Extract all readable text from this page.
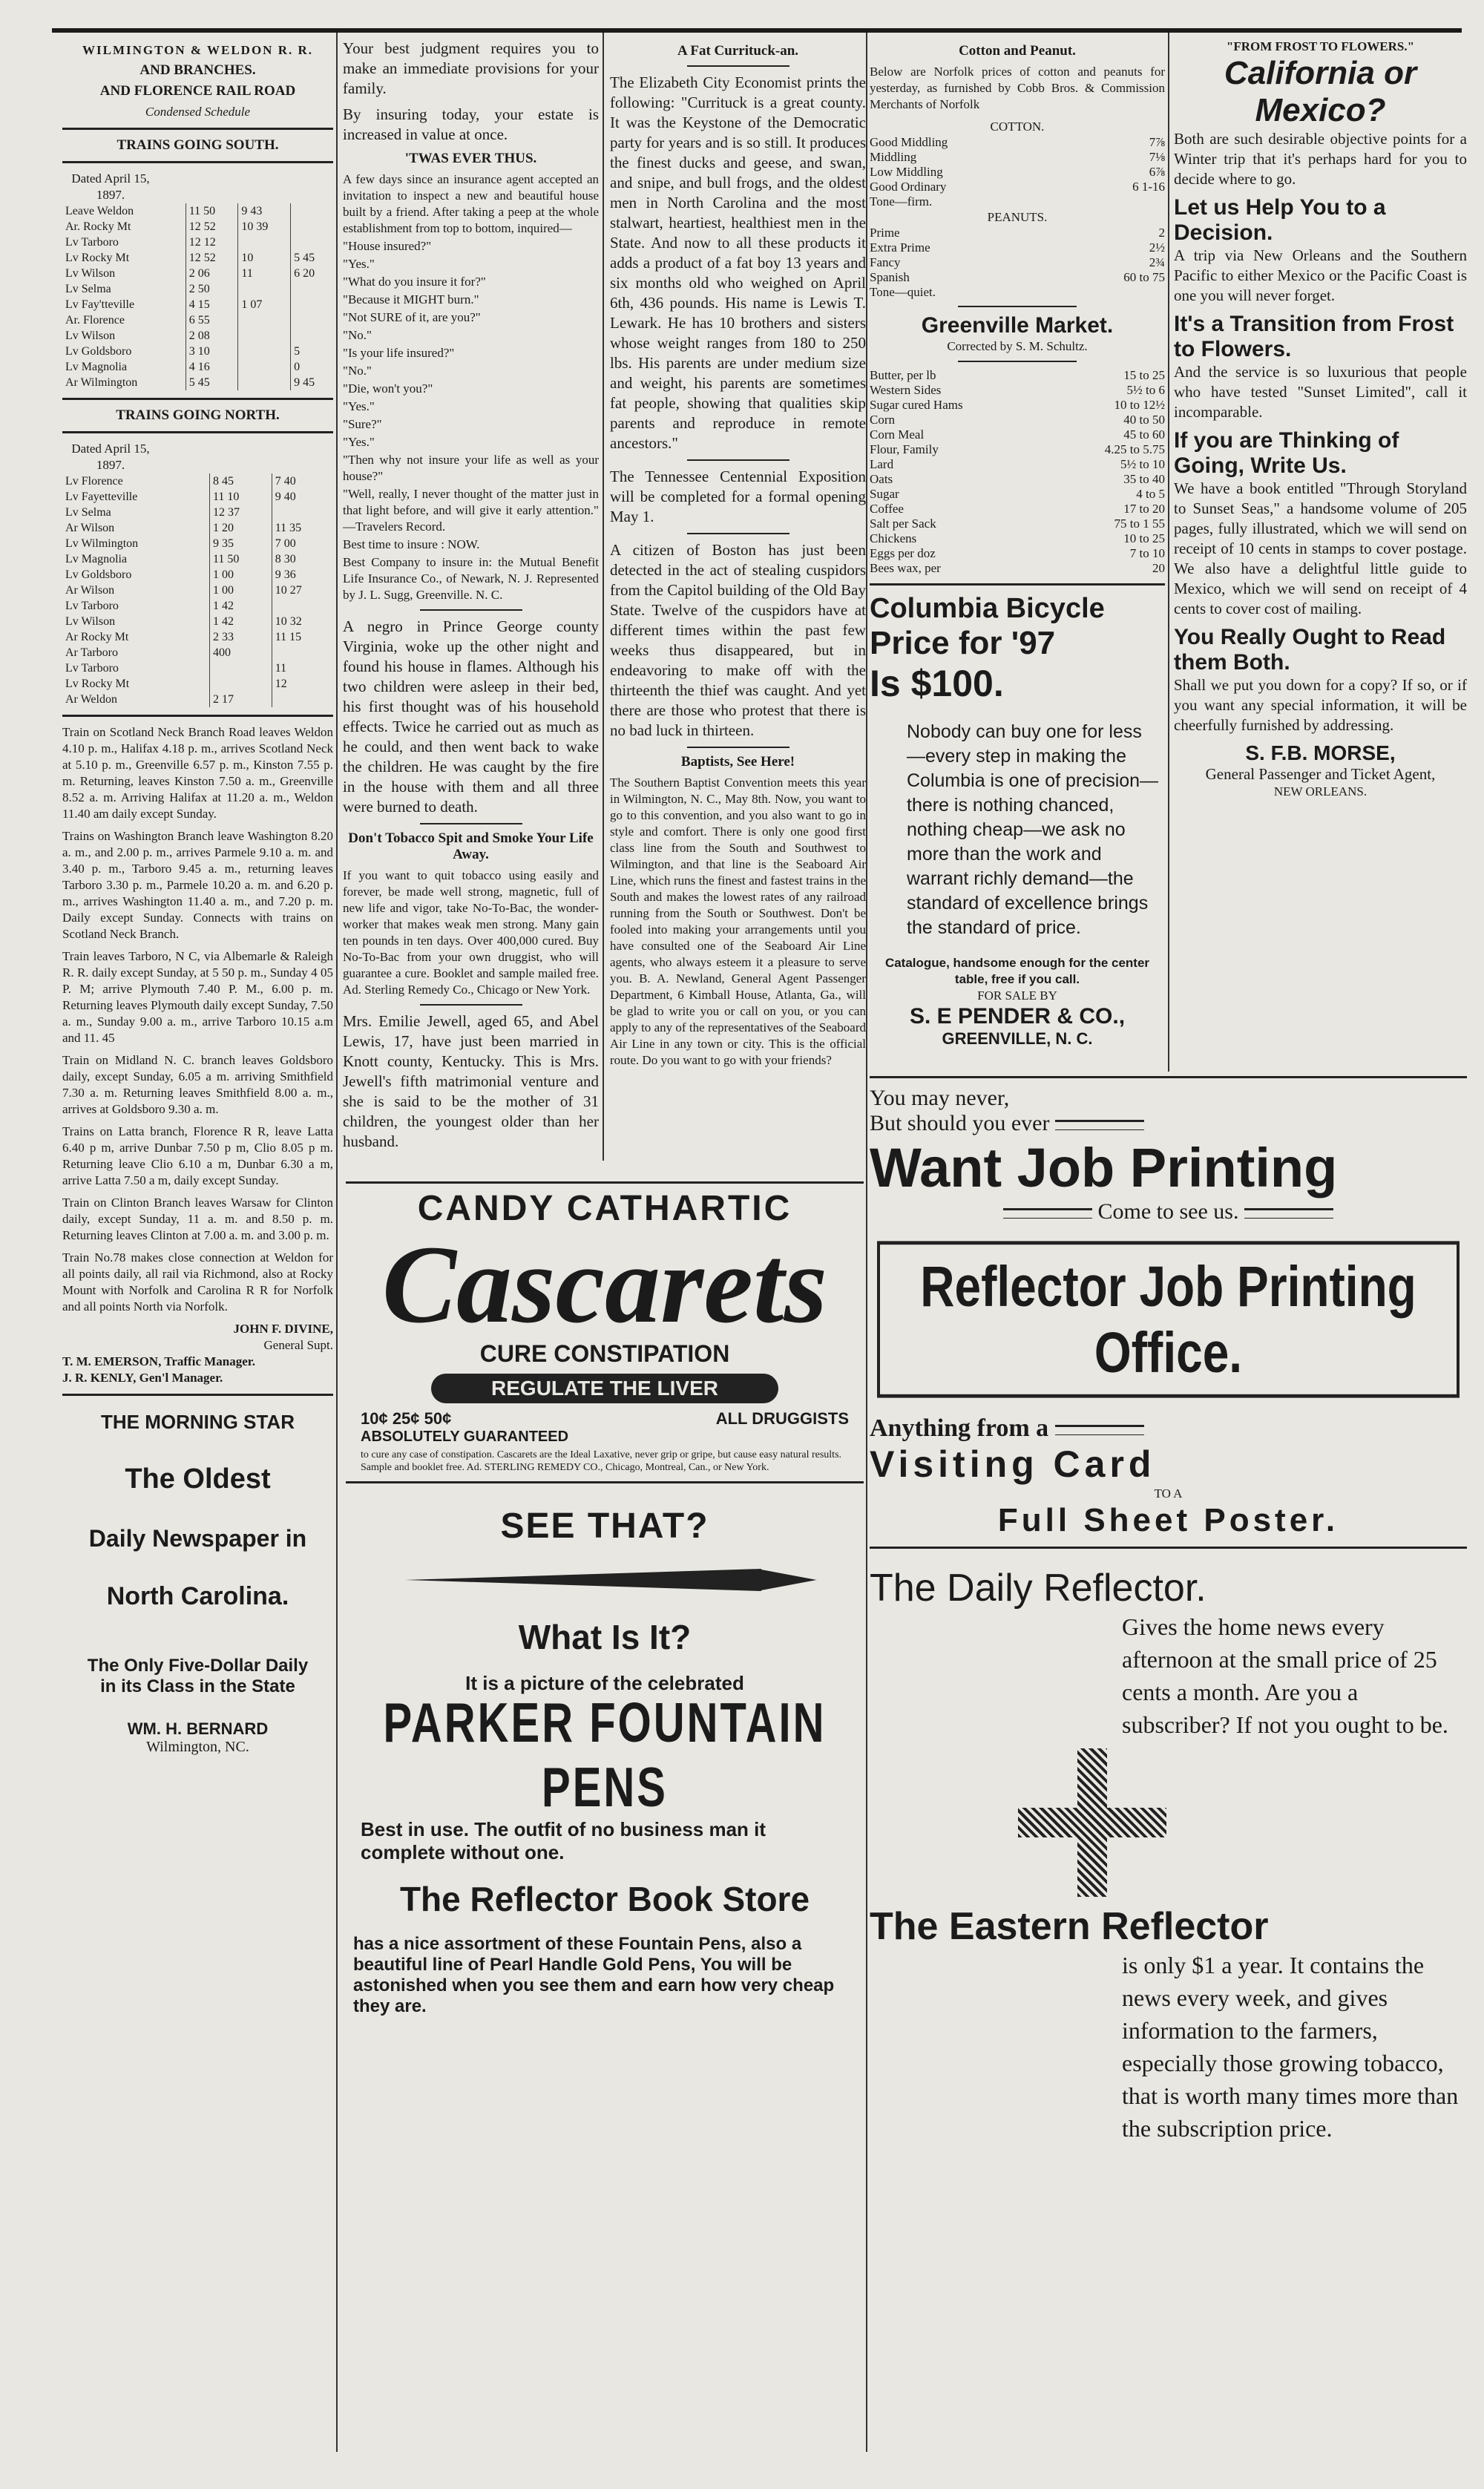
WILMINGTON & WELDON R. R.
AND BRANCHES.
AND FLORENCE RAIL ROAD
Condensed Schedule
TRAINS GOING SOUTH.
Dated April 15, 1897.
Leave Weldon	11 50	9 43	
Ar. Rocky Mt	12 52	10 39	
Lv Tarboro	12 12		
Lv Rocky Mt	12 52	10	5 45
Lv Wilson	2 06	11	6 20
Lv Selma	2 50		
Lv Fay'tteville	4 15	1 07	
Ar. Florence	6 55		
Lv Wilson	2 08		
Lv Goldsboro	3 10		5
Lv Magnolia	4 16		0
Ar Wilmington	5 45		9 45
TRAINS GOING NORTH.
Dated April 15, 1897.
Lv Florence	8 45	7 40
Lv Fayetteville	11 10	9 40
Lv Selma	12 37	
Ar Wilson	1 20	11 35
Lv Wilmington	9 35	7 00
Lv Magnolia	11 50	8 30
Lv Goldsboro	1 00	9 36
Ar Wilson	1 00	10 27
Lv Tarboro	1 42	
Lv Wilson	1 42	10 32
Ar Rocky Mt	2 33	11 15
Ar Tarboro	400	
Lv Tarboro		11
Lv Rocky Mt		12
Ar Weldon	2 17	

Train on Scotland Neck Branch Road leaves Weldon 4.10 p. m., Halifax 4.18 p. m., arrives Scotland Neck at 5.10 p. m., Greenville 6.57 p. m., Kinston 7.55 p. m. Returning, leaves Kinston 7.50 a. m., Greenville 8.52 a. m. Arriving Halifax at 11.20 a. m., Weldon 11.40 am daily except Sunday.

Trains on Washington Branch leave Washington 8.20 a. m., and 2.00 p. m., arrives Parmele 9.10 a. m. and 3.40 p. m., Tarboro 9.45 a. m., returning leaves Tarboro 3.30 p. m., Parmele 10.20 a. m. and 6.20 p. m., arrives Washington 11.40 a. m., and 7.20 p. m. Daily except Sunday. Connects with trains on Scotland Neck Branch.

Train leaves Tarboro, N C, via Albemarle & Raleigh R. R. daily except Sunday, at 5 50 p. m., Sunday 4 05 P. M; arrive Plymouth 7.40 P. M., 6.00 p. m. Returning leaves Plymouth daily except Sunday, 7.50 a. m., Sunday 9.00 a. m., arrive Tarboro 10.15 a.m and 11. 45

Train on Midland N. C. branch leaves Goldsboro daily, except Sunday, 6.05 a m. arriving Smithfield 7.30 a. m. Returning leaves Smithfield 8.00 a. m., arrives at Goldsboro 9.30 a. m.

Trains on Latta branch, Florence R R, leave Latta 6.40 p m, arrive Dunbar 7.50 p m, Clio 8.05 p m. Returning leave Clio 6.10 a m, Dunbar 6.30 a m, arrive Latta 7.50 a m, daily except Sunday.

Train on Clinton Branch leaves Warsaw for Clinton daily, except Sunday, 11 a. m. and 8.50 p. m. Returning leaves Clinton at 7.00 a. m. and 3.00 p. m.

Train No.78 makes close connection at Weldon for all points daily, all rail via Richmond, also at Rocky Mount with Norfolk and Carolina R R for Norfolk and all points North via Norfolk.

JOHN F. DIVINE,
General Supt.
T. M. EMERSON, Traffic Manager.
J. R. KENLY, Gen'l Manager.
THE MORNING STAR
The Oldest
Daily Newspaper in
North Carolina.
The Only Five-Dollar Daily
in its Class in the State
WM. H. BERNARD
Wilmington, NC.

Your best judgment requires you to make an immediate provisions for your family.

By insuring today, your estate is increased in value at once.

'TWAS EVER THUS.

A few days since an insurance agent accepted an invitation to inspect a new and beautiful house built by a friend. After taking a peep at the whole establishment from top to bottom, inquired—

"House insured?"

"Yes."

"What do you insure it for?"

"Because it MIGHT burn."

"Not SURE of it, are you?"

"No."

"Is your life insured?"

"No."

"Die, won't you?"

"Yes."

"Sure?"

"Yes."

"Then why not insure your life as well as your house?"

"Well, really, I never thought of the matter just in that light before, and will give it early attention." —Travelers Record.

Best time to insure : NOW.

Best Company to insure in: the Mutual Benefit Life Insurance Co., of Newark, N. J. Represented by J. L. Sugg, Greenville. N. C.

A negro in Prince George county Virginia, woke up the other night and found his house in flames. Although his two children were asleep in their bed, his first thought was of his household effects. Twice he carried out as much as he could, and then went back to wake the children. He was caught by the fire in the house with them and all three were burned to death.

Don't Tobacco Spit and Smoke Your Life Away.

If you want to quit tobacco using easily and forever, be made well strong, magnetic, full of new life and vigor, take No-To-Bac, the wonder-worker that makes weak men strong. Many gain ten pounds in ten days. Over 400,000 cured. Buy No-To-Bac from your own druggist, who will guarantee a cure. Booklet and sample mailed free. Ad. Sterling Remedy Co., Chicago or New York.

Mrs. Emilie Jewell, aged 65, and Abel Lewis, 17, have just been married in Knott county, Kentucky. This is Mrs. Jewell's fifth matrimonial venture and she is said to be the mother of 31 children, the youngest older than her husband.

A Fat Currituck-an.

The Elizabeth City Economist prints the following: "Currituck is a great county. It was the Keystone of the Democratic party for years and is so still. It produces the finest ducks and geese, and swan, and snipe, and bull frogs, and the oldest men in North Carolina and the most stalwart, heartiest, healthiest men in the State. And now to all these products it adds a product of a fat boy 13 years and six months old who weighed on April 6th, 436 pounds. His name is Lewis T. Lewark. He has 10 brothers and sisters whose weight ranges from 180 to 250 lbs. His parents are under medium size and weight, his parents are sometimes fat people, showing that qualities skip parents and reproduce in remote ancestors."

The Tennessee Centennial Exposition will be completed for a formal opening May 1.

A citizen of Boston has just been detected in the act of stealing cuspidors from the Capitol building of the Old Bay State. Twelve of the cuspidors have at different times within the past few weeks thus disappeared, but in endeavoring to make off with the thirteenth the thief was caught. And yet there are those who protest that there is no bad luck in thirteen.

Baptists, See Here!

The Southern Baptist Convention meets this year in Wilmington, N. C., May 8th. Now, you want to go to this convention, and you also want to go in style and comfort. There is only one good first class line from the South and Southwest to Wilmington, and that line is the Seaboard Air Line, which runs the finest and fastest trains in the South and makes the lowest rates of any railroad running from the South or Southwest. Don't be fooled into making your arrangements until you have consulted one of the Seaboard Air Line agents, who always esteem it a pleasure to serve you. B. A. Newland, General Agent Passenger Department, 6 Kimball House, Atlanta, Ga., will be glad to write you or call on you, or you can apply to any of the representatives of the Seaboard Air Line in any town or city. This is the official route. Do you want to go with your friends?

CANDY CATHARTIC
Cascarets
CURE CONSTIPATION
REGULATE THE LIVER
10¢ 25¢ 50¢	ALL DRUGGISTS
ABSOLUTELY GUARANTEED
to cure any case of constipation. Cascarets are the Ideal Laxative, never grip or gripe, but cause easy natural results. Sample and booklet free. Ad. STERLING REMEDY CO., Chicago, Montreal, Can., or New York.
SEE THAT?
What Is It?
It is a picture of the celebrated
PARKER FOUNTAIN PENS
Best in use. The outfit of no business man it complete without one.
The Reflector Book Store
has a nice assortment of these Fountain Pens, also a beautiful line of Pearl Handle Gold Pens, You will be astonished when you see them and earn how very cheap they are.
Cotton and Peanut.

Below are Norfolk prices of cotton and peanuts for yesterday, as furnished by Cobb Bros. & Commission Merchants of Norfolk

COTTON.
Good Middling	7⅞
Middling	7⅛
Low Middling	6⅞
Good Ordinary	6 1-16
Tone—firm.
PEANUTS.
Prime	2
Extra Prime	2½
Fancy	2¾
Spanish	60 to 75
Tone—quiet.
Greenville Market.
Corrected by S. M. Schultz.
Butter, per lb	15 to 25
Western Sides	5½ to 6
Sugar cured Hams	10 to 12½
Corn	40 to 50
Corn Meal	45 to 60
Flour, Family	4.25 to 5.75
Lard	5½ to 10
Oats	35 to 40
Sugar	4 to 5
Coffee	17 to 20
Salt per Sack	75 to 1 55
Chickens	10 to 25
Eggs per doz	7 to 10
Bees wax, per	20
Columbia Bicycle
Price for '97
Is $100.

Nobody can buy one for less—every step in making the Columbia is one of precision—there is nothing chanced, nothing cheap—we ask no more than the work and warrant richly demand—the standard of excellence brings the standard of price.

Catalogue, handsome enough for the center table, free if you call.
FOR SALE BY
S. E PENDER & CO.,
GREENVILLE, N. C.
"FROM FROST TO FLOWERS."
California or Mexico?

Both are such desirable objective points for a Winter trip that it's perhaps hard for you to decide where to go.

Let us Help You to a Decision.

A trip via New Orleans and the Southern Pacific to either Mexico or the Pacific Coast is one you will never forget.

It's a Transition from Frost to Flowers.

And the service is so luxurious that people who have tested "Sunset Limited", call it incomparable.

If you are Thinking of Going, Write Us.

We have a book entitled "Through Storyland to Sunset Seas," a handsome volume of 205 pages, fully illustrated, which we will send on receipt of 10 cents in stamps to cover postage. We also have a delightful little guide to Mexico, which we will send on receipt of 4 cents to cover cost of mailing.

You Really Ought to Read them Both.

Shall we put you down for a copy? If so, or if you want any special information, it will be cheerfully furnished by addressing.

S. F.B. MORSE,
General Passenger and Ticket Agent,
NEW ORLEANS.
You may never,
But should you ever
Want Job Printing
Come to see us.
Reflector Job Printing Office.
Anything from a
Visiting Card
TO A
Full Sheet Poster.
The Daily Reflector.

Gives the home news every afternoon at the small price of 25 cents a month. Are you a subscriber? If not you ought to be.

The Eastern Reflector

is only $1 a year. It contains the news every week, and gives information to the farmers, especially those growing tobacco, that is worth many times more than the subscription price.
